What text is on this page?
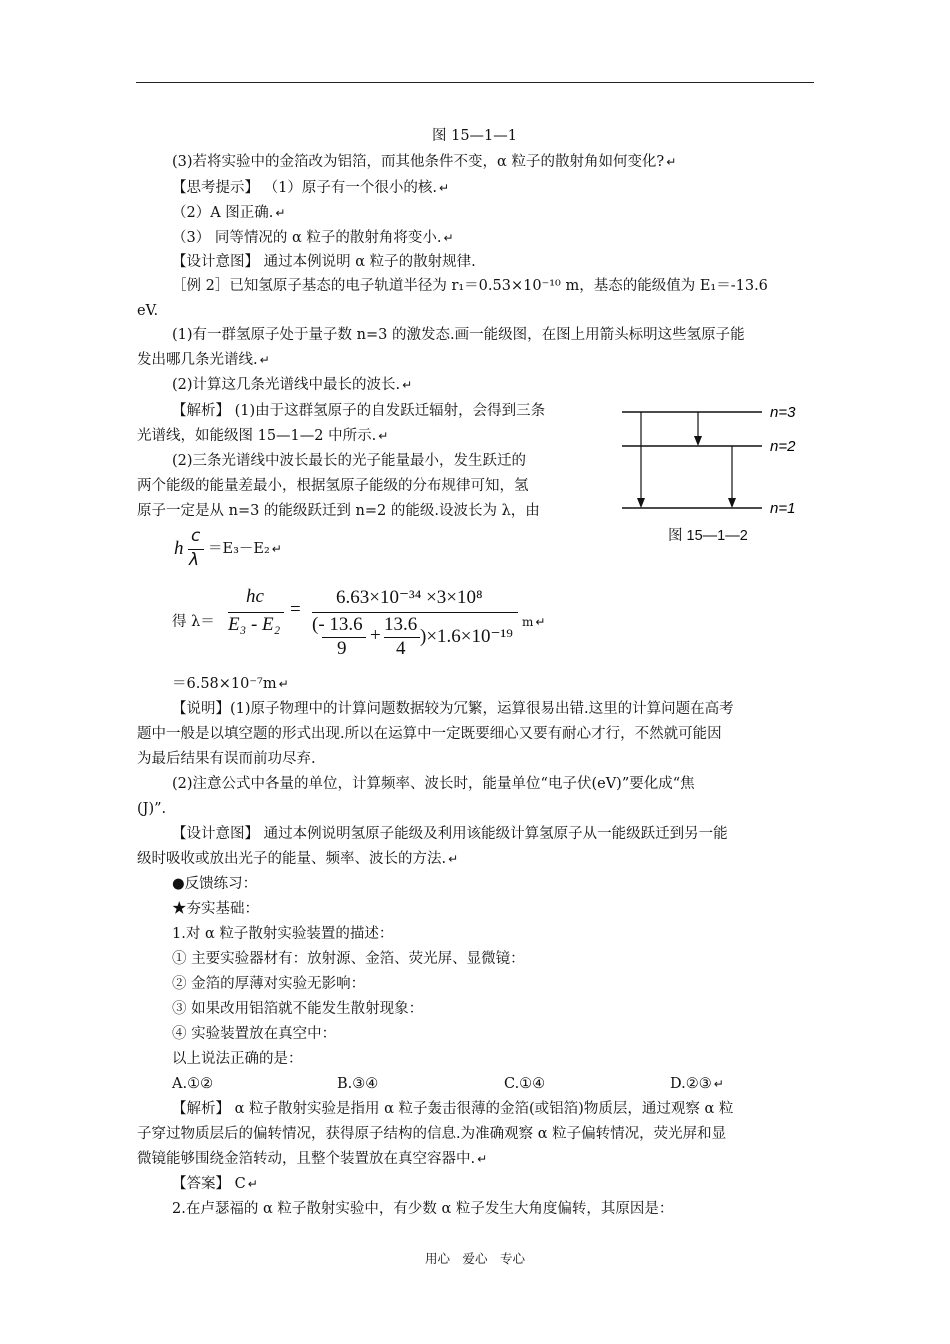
图 15—1—1
(3)若将实验中的金箔改为铝箔，而其他条件不变，α 粒子的散射角如何变化? ↵
【思考提示】 （1）原子有一个很小的核. ↵
（2）A 图正确. ↵
（3） 同等情况的 α 粒子的散射角将变小. ↵
【设计意图】 通过本例说明 α 粒子的散射规律.
［例 2］已知氢原子基态的电子轨道半径为 r₁＝0.53×10⁻¹⁰ m，基态的能级值为 E₁＝-13.6
eV.
(1)有一群氢原子处于量子数 n=3 的激发态.画一能级图，在图上用箭头标明这些氢原子能
发出哪几条光谱线. ↵
(2)计算这几条光谱线中最长的波长. ↵
【解析】 (1)由于这群氢原子的自发跃迁辐射，会得到三条
光谱线，如能级图 15—1—2 中所示. ↵
(2)三条光谱线中波长最长的光子能量最小，发生跃迁的
两个能级的能量差最小，根据氢原子能级的分布规律可知，氢
原子一定是从 n=3 的能级跃迁到 n=2 的能级.设波长为 λ，由
n=3
n=2
n=1
图 15—1—2
h
c
λ
＝E₃－E₂ ↵
得 λ＝
hc
E₃ - E₂
=
6.63×10⁻³⁴ ×3×10⁸
(- 13.6
9
+
13.6
4
)×1.6×10⁻¹⁹
m ↵
＝6.58×10⁻⁷m ↵
【说明】(1)原子物理中的计算问题数据较为冗繁，运算很易出错.这里的计算问题在高考
题中一般是以填空题的形式出现.所以在运算中一定既要细心又要有耐心才行，不然就可能因
为最后结果有误而前功尽弃.
(2)注意公式中各量的单位，计算频率、波长时，能量单位“电子伏(eV)”要化成“焦
(J)”.
【设计意图】 通过本例说明氢原子能级及利用该能级计算氢原子从一能级跃迁到另一能
级时吸收或放出光子的能量、频率、波长的方法. ↵
●反馈练习：
★夯实基础：
1.对 α 粒子散射实验装置的描述：
① 主要实验器材有：放射源、金箔、荧光屏、显微镜：
② 金箔的厚薄对实验无影响：
③ 如果改用铝箔就不能发生散射现象：
④ 实验装置放在真空中：
以上说法正确的是：
A.①②	B.③④	C.①④	D.②③ ↵
【解析】 α 粒子散射实验是指用 α 粒子轰击很薄的金箔(或铝箔)物质层，通过观察 α 粒
子穿过物质层后的偏转情况，获得原子结构的信息.为准确观察 α 粒子偏转情况，荧光屏和显
微镜能够围绕金箔转动，且整个装置放在真空容器中. ↵
【答案】 C ↵
2.在卢瑟福的 α 粒子散射实验中，有少数 α 粒子发生大角度偏转，其原因是：
用心　爱心　专心
